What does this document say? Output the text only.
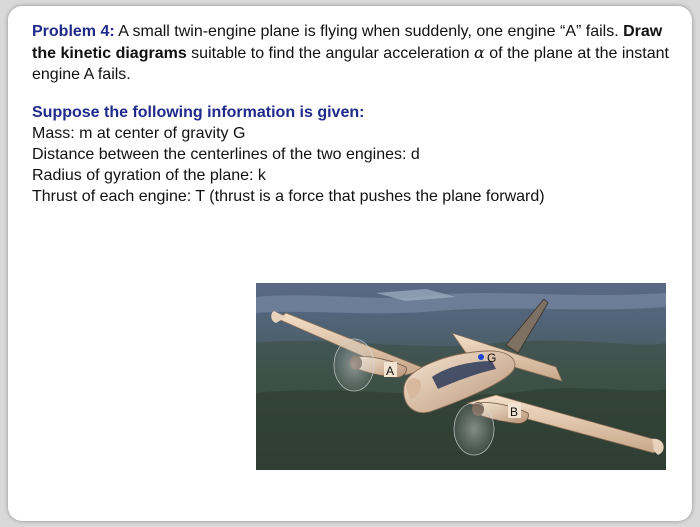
Problem 4: A small twin-engine plane is flying when suddenly, one engine “A” fails. Draw the kinetic diagrams suitable to find the angular acceleration α of the plane at the instant engine A fails.

Suppose the following information is given:
Mass: m at center of gravity G
Distance between the centerlines of the two engines: d
Radius of gyration of the plane: k
Thrust of each engine: T (thrust is a force that pushes the plane forward)
A
B
G
